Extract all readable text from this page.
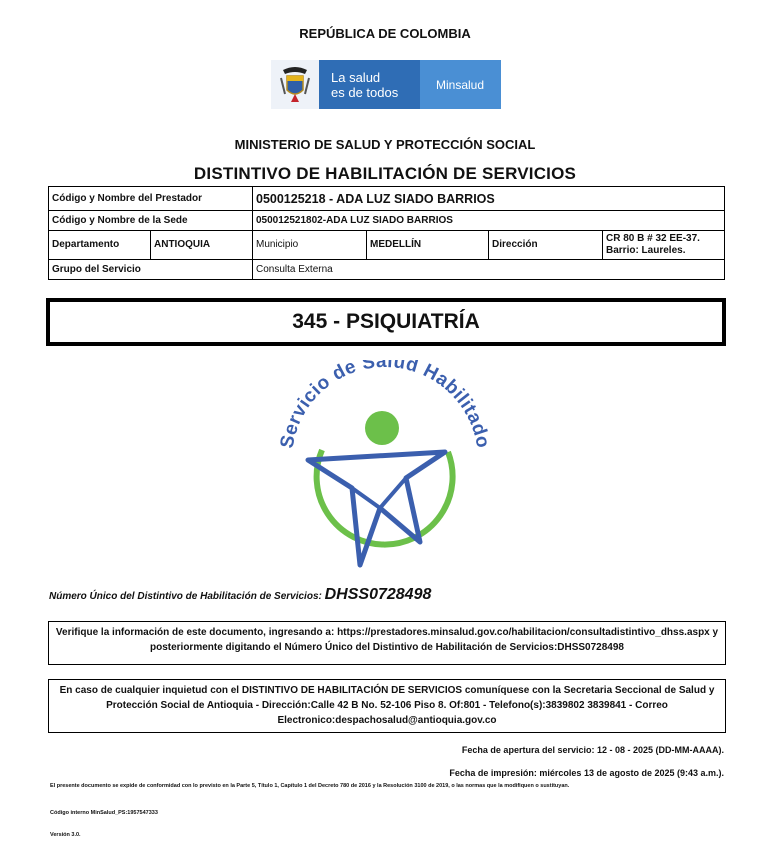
REPÚBLICA DE COLOMBIA
La salud
es de todos	Minsalud
MINISTERIO DE SALUD Y PROTECCIÓN SOCIAL
DISTINTIVO DE HABILITACIÓN DE SERVICIOS
Código y Nombre del Prestador		0500125218 - ADA LUZ SIADO BARRIOS			
Código y Nombre de la Sede		050012521802-ADA LUZ SIADO BARRIOS			
Departamento	ANTIOQUIA	Municipio	MEDELLÍN	Dirección	CR 80 B # 32 EE-37. Barrio: Laureles.
Grupo del Servicio		Consulta Externa			
345 - PSIQUIATRÍA
Servicio de Salud Habilitado
Número Único del Distintivo de Habilitación de Servicios: DHSS0728498
Verifique la información de este documento, ingresando a: https://prestadores.minsalud.gov.co/habilitacion/consultadistintivo_dhss.aspx y posteriormente digitando el Número Único del Distintivo de Habilitación de Servicios:DHSS0728498
En caso de cualquier inquietud con el DISTINTIVO DE HABILITACIÓN DE SERVICIOS comuníquese con la Secretaria Seccional de Salud y Protección Social de Antioquia - Dirección:Calle 42 B No. 52-106 Piso 8. Of:801 - Telefono(s):3839802 3839841 - Correo Electronico:despachosalud@antioquia.gov.co
Fecha de apertura del servicio: 12 - 08 - 2025 (DD-MM-AAAA).
Fecha de impresión: miércoles 13 de agosto de 2025 (9:43 a.m.).
El presente documento se expide de conformidad con lo previsto en la Parte 5, Título 1, Capítulo 1 del Decreto 780 de 2016 y la Resolución 3100 de 2019, o las normas que la modifiquen o sustituyan.
Código interno MinSalud_PS:1957547333
Versión 3.0.
